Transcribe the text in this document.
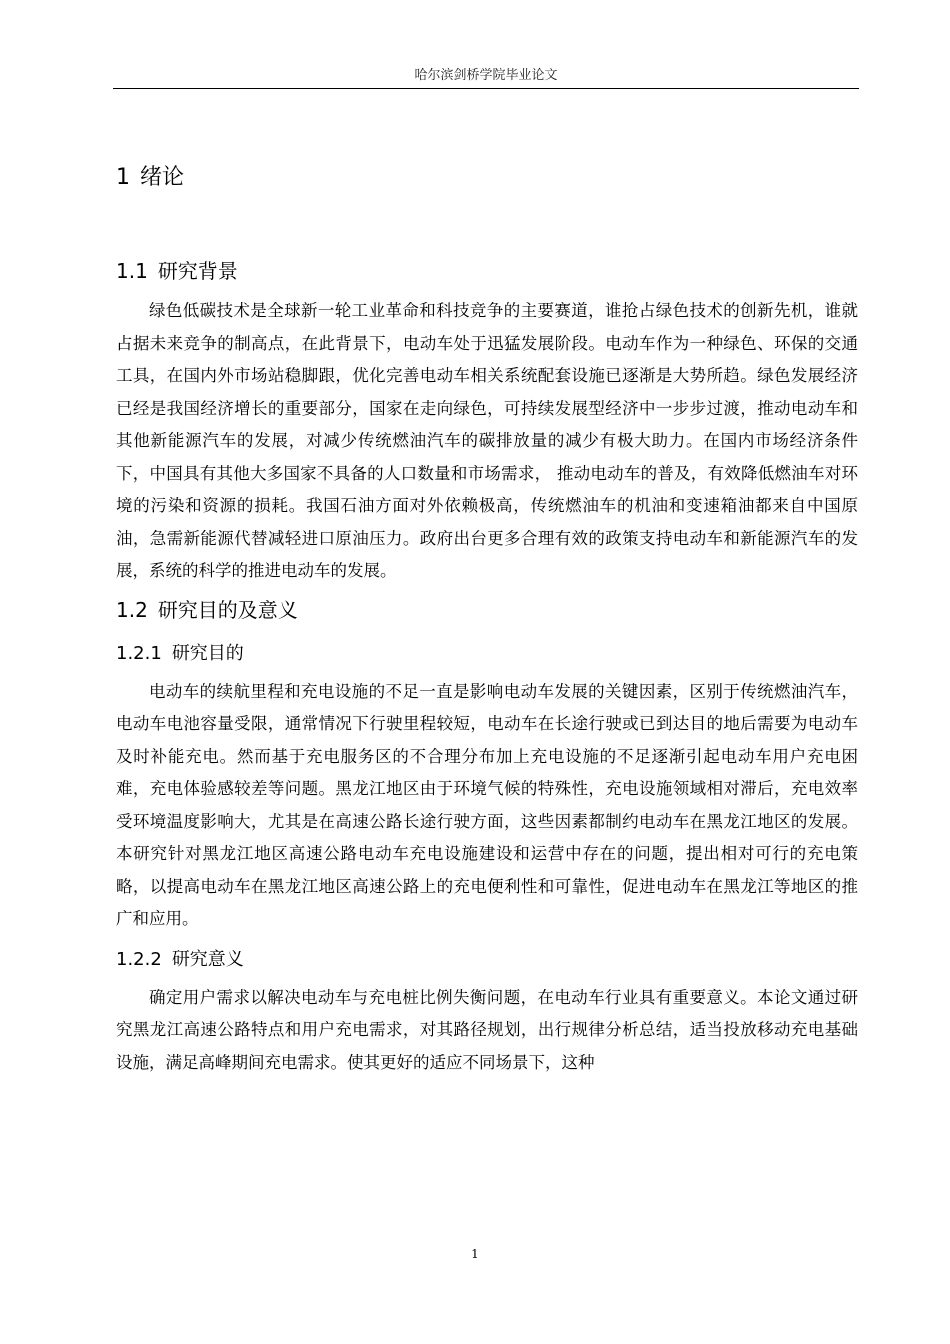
哈尔滨剑桥学院毕业论文
1 绪论
1.1 研究背景

绿色低碳技术是全球新一轮工业革命和科技竞争的主要赛道，谁抢占绿色技术的创新先机，谁就占据未来竞争的制高点，在此背景下，电动车处于迅猛发展阶段。电动车作为一种绿色、环保的交通工具，在国内外市场站稳脚跟，优化完善电动车相关系统配套设施已逐渐是大势所趋。绿色发展经济已经是我国经济增长的重要部分，国家在走向绿色，可持续发展型经济中一步步过渡，推动电动车和其他新能源汽车的发展，对减少传统燃油汽车的碳排放量的减少有极大助力。在国内市场经济条件下，中国具有其他大多国家不具备的人口数量和市场需求， 推动电动车的普及，有效降低燃油车对环境的污染和资源的损耗。我国石油方面对外依赖极高，传统燃油车的机油和变速箱油都来自中国原油，急需新能源代替减轻进口原油压力。政府出台更多合理有效的政策支持电动车和新能源汽车的发展，系统的科学的推进电动车的发展。

1.2 研究目的及意义
1.2.1 研究目的

电动车的续航里程和充电设施的不足一直是影响电动车发展的关键因素，区别于传统燃油汽车，电动车电池容量受限，通常情况下行驶里程较短，电动车在长途行驶或已到达目的地后需要为电动车及时补能充电。然而基于充电服务区的不合理分布加上充电设施的不足逐渐引起电动车用户充电困难，充电体验感较差等问题。黑龙江地区由于环境气候的特殊性，充电设施领域相对滞后，充电效率受环境温度影响大，尤其是在高速公路长途行驶方面，这些因素都制约电动车在黑龙江地区的发展。本研究针对黑龙江地区高速公路电动车充电设施建设和运营中存在的问题，提出相对可行的充电策略，以提高电动车在黑龙江地区高速公路上的充电便利性和可靠性，促进电动车在黑龙江等地区的推广和应用。

1.2.2 研究意义

确定用户需求以解决电动车与充电桩比例失衡问题，在电动车行业具有重要意义。本论文通过研究黑龙江高速公路特点和用户充电需求，对其路径规划，出行规律分析总结，适当投放移动充电基础设施，满足高峰期间充电需求。使其更好的适应不同场景下，这种

1
